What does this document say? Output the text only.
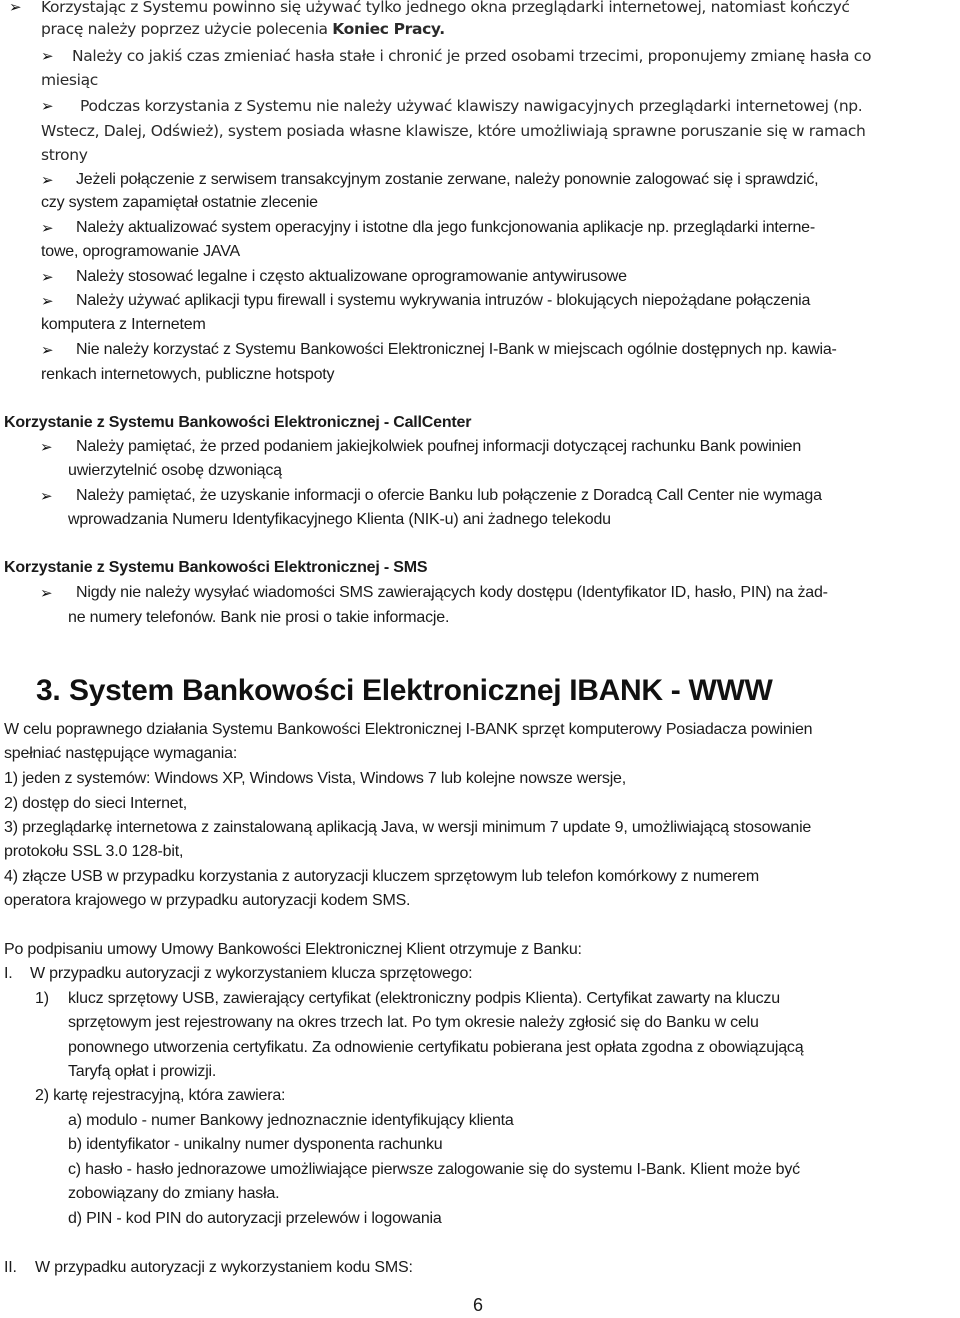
➢ Korzystając z Systemu powinno się używać tylko jednego okna przeglądarki internetowej, natomiast kończyć
pracę należy poprzez użycie polecenia Koniec Pracy.
➢ Należy co jakiś czas zmieniać hasła stałe i chronić je przed osobami trzecimi, proponujemy zmianę hasła co
miesiąc
➢ Podczas korzystania z Systemu nie należy używać klawiszy nawigacyjnych przeglądarki internetowej (np.
Wstecz, Dalej, Odśwież), system posiada własne klawisze, które umożliwiają sprawne poruszanie się w ramach
strony
➢ Jeżeli połączenie z serwisem transakcyjnym zostanie zerwane, należy ponownie zalogować się i sprawdzić,
czy system zapamiętał ostatnie zlecenie
➢ Należy aktualizować system operacyjny i istotne dla jego funkcjonowania aplikacje np. przeglądarki interne-
towe, oprogramowanie JAVA
➢ Należy stosować legalne i często aktualizowane oprogramowanie antywirusowe
➢ Należy używać aplikacji typu firewall i systemu wykrywania intruzów - blokujących niepożądane połączenia
komputera z Internetem
➢ Nie należy korzystać z Systemu Bankowości Elektronicznej I-Bank w miejscach ogólnie dostępnych np. kawia-
renkach internetowych, publiczne hotspoty
Korzystanie z Systemu Bankowości Elektronicznej - CallCenter
➢ Należy pamiętać, że przed podaniem jakiejkolwiek poufnej informacji dotyczącej rachunku Bank powinien
uwierzytelnić osobę dzwoniącą
➢ Należy pamiętać, że uzyskanie informacji o ofercie Banku lub połączenie z Doradcą Call Center nie wymaga
wprowadzania Numeru Identyfikacyjnego Klienta (NIK-u) ani żadnego telekodu
Korzystanie z Systemu Bankowości Elektronicznej - SMS
➢ Nigdy nie należy wysyłać wiadomości SMS zawierających kody dostępu (Identyfikator ID, hasło, PIN) na żad-
ne numery telefonów. Bank nie prosi o takie informacje.
3. System Bankowości Elektronicznej IBANK - WWW
W celu poprawnego działania Systemu Bankowości Elektronicznej I-BANK sprzęt komputerowy Posiadacza powinien
spełniać następujące wymagania:
1) jeden z systemów: Windows XP, Windows Vista, Windows 7 lub kolejne nowsze wersje,
2) dostęp do sieci Internet,
3) przeglądarkę internetowa z zainstalowaną aplikacją Java, w wersji minimum 7 update 9, umożliwiającą stosowanie
protokołu SSL 3.0 128-bit,
4) złącze USB w przypadku korzystania z autoryzacji kluczem sprzętowym lub telefon komórkowy z numerem
operatora krajowego w przypadku autoryzacji kodem SMS.
Po podpisaniu umowy Umowy Bankowości Elektronicznej Klient otrzymuje z Banku:
I. W przypadku autoryzacji z wykorzystaniem klucza sprzętowego:
1) klucz sprzętowy USB, zawierający certyfikat (elektroniczny podpis Klienta). Certyfikat zawarty na kluczu
sprzętowym jest rejestrowany na okres trzech lat. Po tym okresie należy zgłosić się do Banku w celu
ponownego utworzenia certyfikatu. Za odnowienie certyfikatu pobierana jest opłata zgodna z obowiązującą
Taryfą opłat i prowizji.
2) kartę rejestracyjną, która zawiera:
a) modulo - numer Bankowy jednoznacznie identyfikujący klienta
b) identyfikator - unikalny numer dysponenta rachunku
c) hasło - hasło jednorazowe umożliwiające pierwsze zalogowanie się do systemu I-Bank. Klient może być
zobowiązany do zmiany hasła.
d) PIN - kod PIN do autoryzacji przelewów i logowania
II. W przypadku autoryzacji z wykorzystaniem kodu SMS:
6
